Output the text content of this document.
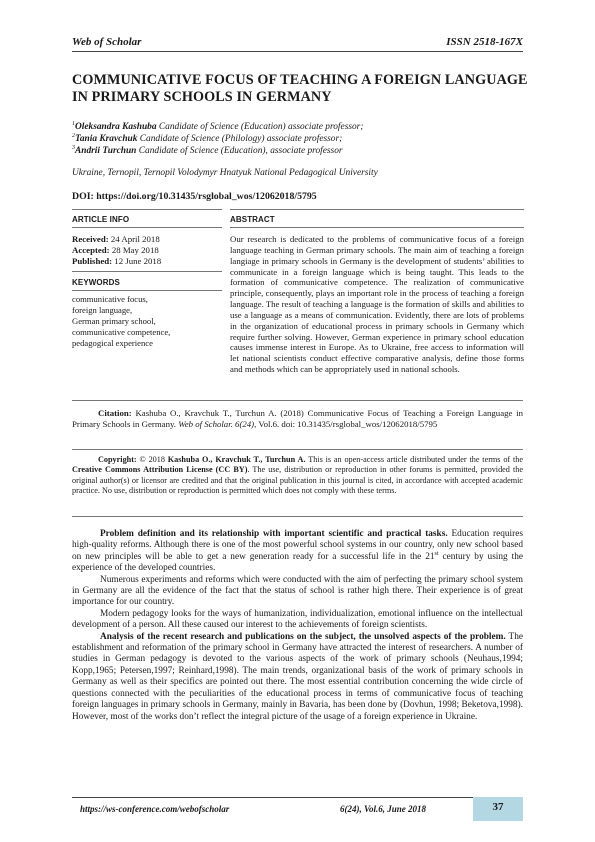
Web of Scholar	ISSN 2518-167X
COMMUNICATIVE FOCUS OF TEACHING A FOREIGN LANGUAGE IN PRIMARY SCHOOLS IN GERMANY
$^1$Oleksandra Kashuba Candidate of Science (Education) associate professor;
$^2$Tania Kravchuk Candidate of Science (Philology) associate professor;
$^3$Andrii Turchun Candidate of Science (Education), associate professor
Ukraine, Ternopil, Ternopil Volodymyr Hnatyuk National Pedagogical University
DOI: https://doi.org/10.31435/rsglobal_wos/12062018/5795
ARTICLE INFO	ABSTRACT
Received: 24 April 2018
Accepted: 28 May 2018
Published: 12 June 2018
KEYWORDS
communicative focus,
foreign language,
German primary school,
communicative competence,
pedagogical experience
Our research is dedicated to the problems of communicative focus of a foreign language teaching in German primary schools. The main aim of teaching a foreign langiage in primary schools in Germany is the development of students’ abilities to communicate in a foreign language which is being taught. This leads to the formation of communicative competence. The realization of communicative principle, consequently, plays an important role in the process of teaching a foreign language. The result of teaching a language is the formation of skills and abilities to use a language as a means of communication. Evidently, there are lots of problems in the organization of educational process in primary schools in Germany which require further solving. However, German experience in primary school education causes immense interest in Europe. As to Ukraine, free access to information will let national scientists conduct effective comparative analysis, define those forms and methods which can be appropriately used in national schools.
Citation: Kashuba O., Kravchuk T., Turchun A. (2018) Communicative Focus of Teaching a Foreign Language in Primary Schools in Germany. Web of Scholar. 6(24), Vol.6. doi: 10.31435/rsglobal_wos/12062018/5795
Copyright: © 2018 Kashuba O., Kravchuk T., Turchun A. This is an open-access article distributed under the terms of the Creative Commons Attribution License (CC BY). The use, distribution or reproduction in other forums is permitted, provided the original author(s) or licensor are credited and that the original publication in this journal is cited, in accordance with accepted academic practice. No use, distribution or reproduction is permitted which does not comply with these terms.

Problem definition and its relationship with important scientific and practical tasks. Education requires high-quality reforms. Although there is one of the most powerful school systems in our country, only new school based on new principles will be able to get a new generation ready for a successful life in the 21st century by using the experience of the developed countries.

Numerous experiments and reforms which were conducted with the aim of perfecting the primary school system in Germany are all the evidence of the fact that the status of school is rather high there. Their experience is of great importance for our country.

Modern pedagogy looks for the ways of humanization, individualization, emotional influence on the intellectual development of a person. All these caused our interest to the achievements of foreign scientists.

Analysis of the recent research and publications on the subject, the unsolved aspects of the problem. The establishment and reformation of the primary school in Germany have attracted the interest of researchers. A number of studies in German pedagogy is devoted to the various aspects of the work of primary schools (Neuhaus,1994; Kopp,1965; Petersen,1997; Reinhard,1998). The main trends, organizational basis of the work of primary schools in Germany as well as their specifics are pointed out there. The most essential contribution concerning the wide circle of questions connected with the peculiarities of the educational process in terms of communicative focus of teaching foreign languages in primary schools in Germany, mainly in Bavaria, has been done by (Dovhun, 1998; Beketova,1998). However, most of the works don’t reflect the integral picture of the usage of a foreign experience in Ukraine.

https://ws-conference.com/webofscholar	6(24), Vol.6, June 2018	37
